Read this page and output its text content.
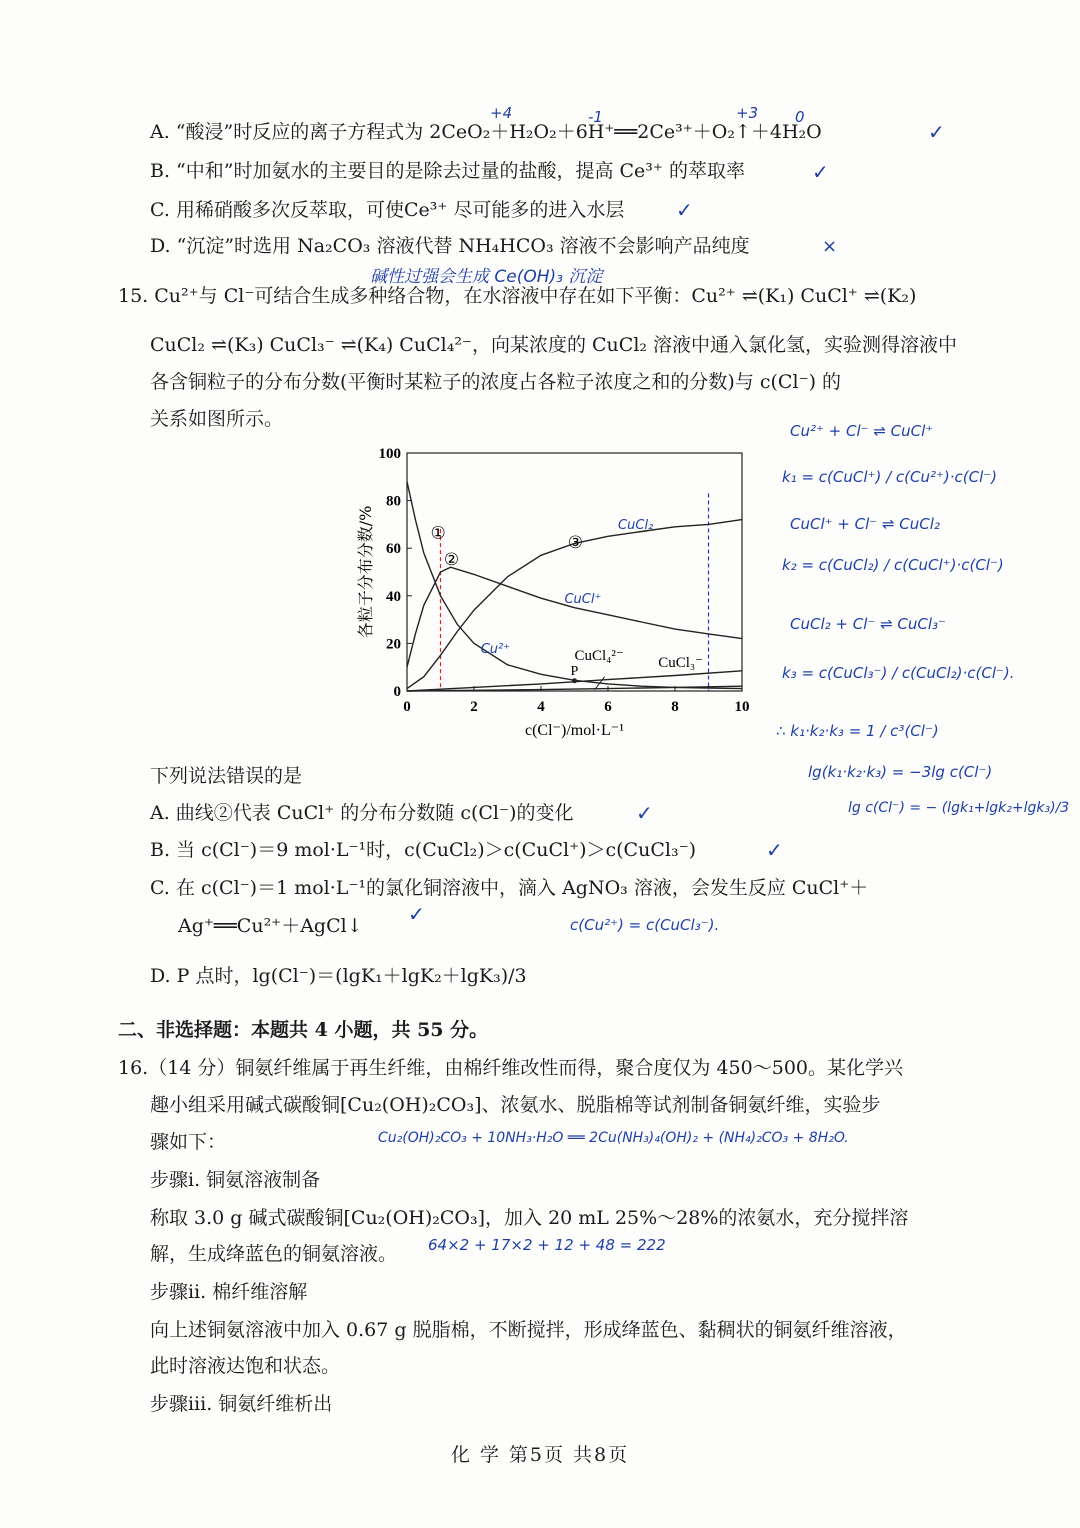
A. “酸浸”时反应的离子方程式为 2CeO₂＋H₂O₂＋6H⁺══2Ce³⁺＋O₂↑＋4H₂O
B. “中和”时加氨水的主要目的是除去过量的盐酸，提高 Ce³⁺ 的萃取率
C. 用稀硝酸多次反萃取，可使Ce³⁺ 尽可能多的进入水层
D. “沉淀”时选用 Na₂CO₃ 溶液代替 NH₄HCO₃ 溶液不会影响产品纯度
+4	-1	+3 0
✓
✓
✓
×
碱性过强会生成 Ce(OH)₃ 沉淀
15. Cu²⁺与 Cl⁻可结合生成多种络合物，在水溶液中存在如下平衡：Cu²⁺ ⇌(K₁) CuCl⁺ ⇌(K₂)
CuCl₂ ⇌(K₃) CuCl₃⁻ ⇌(K₄) CuCl₄²⁻，向某浓度的 CuCl₂ 溶液中通入氯化氢，实验测得溶液中
各含铜粒子的分布分数(平衡时某粒子的浓度占各粒子浓度之和的分数)与 c(Cl⁻) 的
关系如图所示。
Cu²⁺ + Cl⁻ ⇌ CuCl⁺
k₁ = c(CuCl⁺) / c(Cu²⁺)·c(Cl⁻)
CuCl⁺ + Cl⁻ ⇌ CuCl₂
k₂ = c(CuCl₂) / c(CuCl⁺)·c(Cl⁻)
CuCl₂ + Cl⁻ ⇌ CuCl₃⁻
k₃ = c(CuCl₃⁻) / c(CuCl₂)·c(Cl⁻).
∴ k₁·k₂·k₃ = 1 / c³(Cl⁻)
lg(k₁·k₂·k₃) = −3lg c(Cl⁻)
lg c(Cl⁻) = − (lgk₁+lgk₂+lgk₃)/3
0
20
40
60
80
100
0	2	4	6	8	10
c(Cl⁻)/mol·L⁻¹
各粒子分布分数/%	①
②
③
CuCl₄²⁻ CuCl₃⁻
P
CuCl₂
CuCl⁺
Cu²⁺
下列说法错误的是
A. 曲线②代表 CuCl⁺ 的分布分数随 c(Cl⁻)的变化
B. 当 c(Cl⁻)＝9 mol·L⁻¹时，c(CuCl₂)＞c(CuCl⁺)＞c(CuCl₃⁻)
C. 在 c(Cl⁻)＝1 mol·L⁻¹的氯化铜溶液中，滴入 AgNO₃ 溶液，会发生反应 CuCl⁺＋
Ag⁺══Cu²⁺＋AgCl↓
D. P 点时，lg(Cl⁻)＝(lgK₁＋lgK₂＋lgK₃)/3
✓
✓
✓	c(Cu²⁺) = c(CuCl₃⁻).
二、非选择题：本题共 4 小题，共 55 分。
16.（14 分）铜氨纤维属于再生纤维，由棉纤维改性而得，聚合度仅为 450～500。某化学兴
趣小组采用碱式碳酸铜[Cu₂(OH)₂CO₃]、浓氨水、脱脂棉等试剂制备铜氨纤维，实验步
骤如下：	Cu₂(OH)₂CO₃ + 10NH₃·H₂O ══ 2Cu(NH₃)₄(OH)₂ + (NH₄)₂CO₃ + 8H₂O.
步骤ⅰ. 铜氨溶液制备
称取 3.0 g 碱式碳酸铜[Cu₂(OH)₂CO₃]，加入 20 mL 25%～28%的浓氨水，充分搅拌溶
解，生成绛蓝色的铜氨溶液。 64×2 + 17×2 + 12 + 48 = 222
步骤ⅱ. 棉纤维溶解
向上述铜氨溶液中加入 0.67 g 脱脂棉，不断搅拌，形成绛蓝色、黏稠状的铜氨纤维溶液，
此时溶液达饱和状态。
步骤ⅲ. 铜氨纤维析出
化 学 第5页 共8页
